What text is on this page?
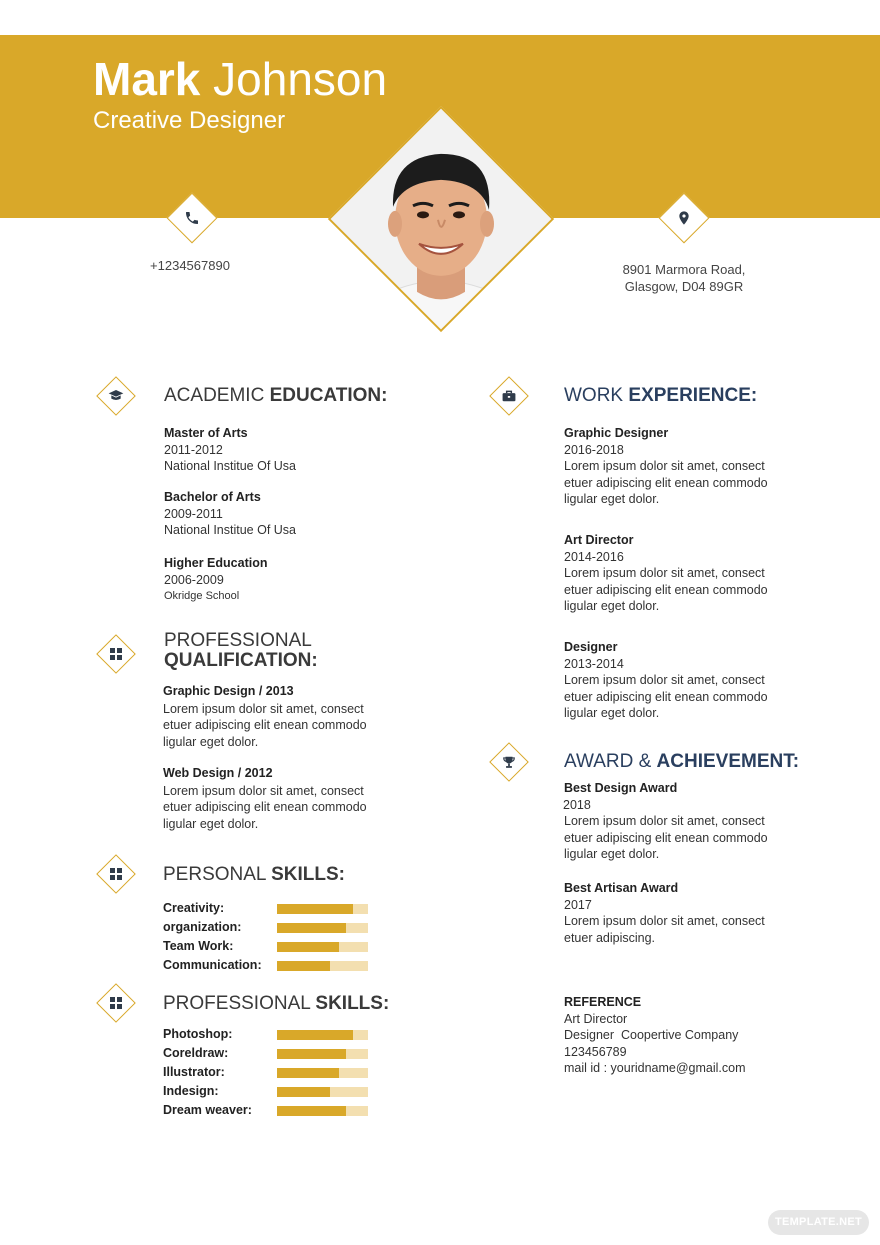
Mark Johnson
Creative Designer
+1234567890	8901 Marmora Road,
Glasgow, D04 89GR
ACADEMIC EDUCATION:
Master of Arts
2011-2012
National Institue Of Usa
Bachelor of Arts
2009-2011
National Institue Of Usa
Higher Education
2006-2009
Okridge School
PROFESSIONAL
QUALIFICATION:
Graphic Design / 2013
Lorem ipsum dolor sit amet, consect etuer adipiscing elit enean commodo ligular eget dolor.
Web Design / 2012
Lorem ipsum dolor sit amet, consect etuer adipiscing elit enean commodo ligular eget dolor.
PERSONAL SKILLS:
Creativity:
organization:
Team Work:
Communication:
PROFESSIONAL SKILLS:
Photoshop:
Coreldraw:
Illustrator:
Indesign:
Dream weaver:
WORK EXPERIENCE:
Graphic Designer
2016-2018
Lorem ipsum dolor sit amet, consect etuer adipiscing elit enean commodo ligular eget dolor.
Art Director
2014-2016
Lorem ipsum dolor sit amet, consect etuer adipiscing elit enean commodo ligular eget dolor.
Designer
2013-2014
Lorem ipsum dolor sit amet, consect etuer adipiscing elit enean commodo ligular eget dolor.
AWARD & ACHIEVEMENT:
Best Design Award
2018
Lorem ipsum dolor sit amet, consect etuer adipiscing elit enean commodo ligular eget dolor.
Best Artisan Award
2017
Lorem ipsum dolor sit amet, consect etuer adipiscing.
REFERENCE
Art Director
Designer  Coopertive Company
123456789
mail id : youridname@gmail.com
TEMPLATE.NET
